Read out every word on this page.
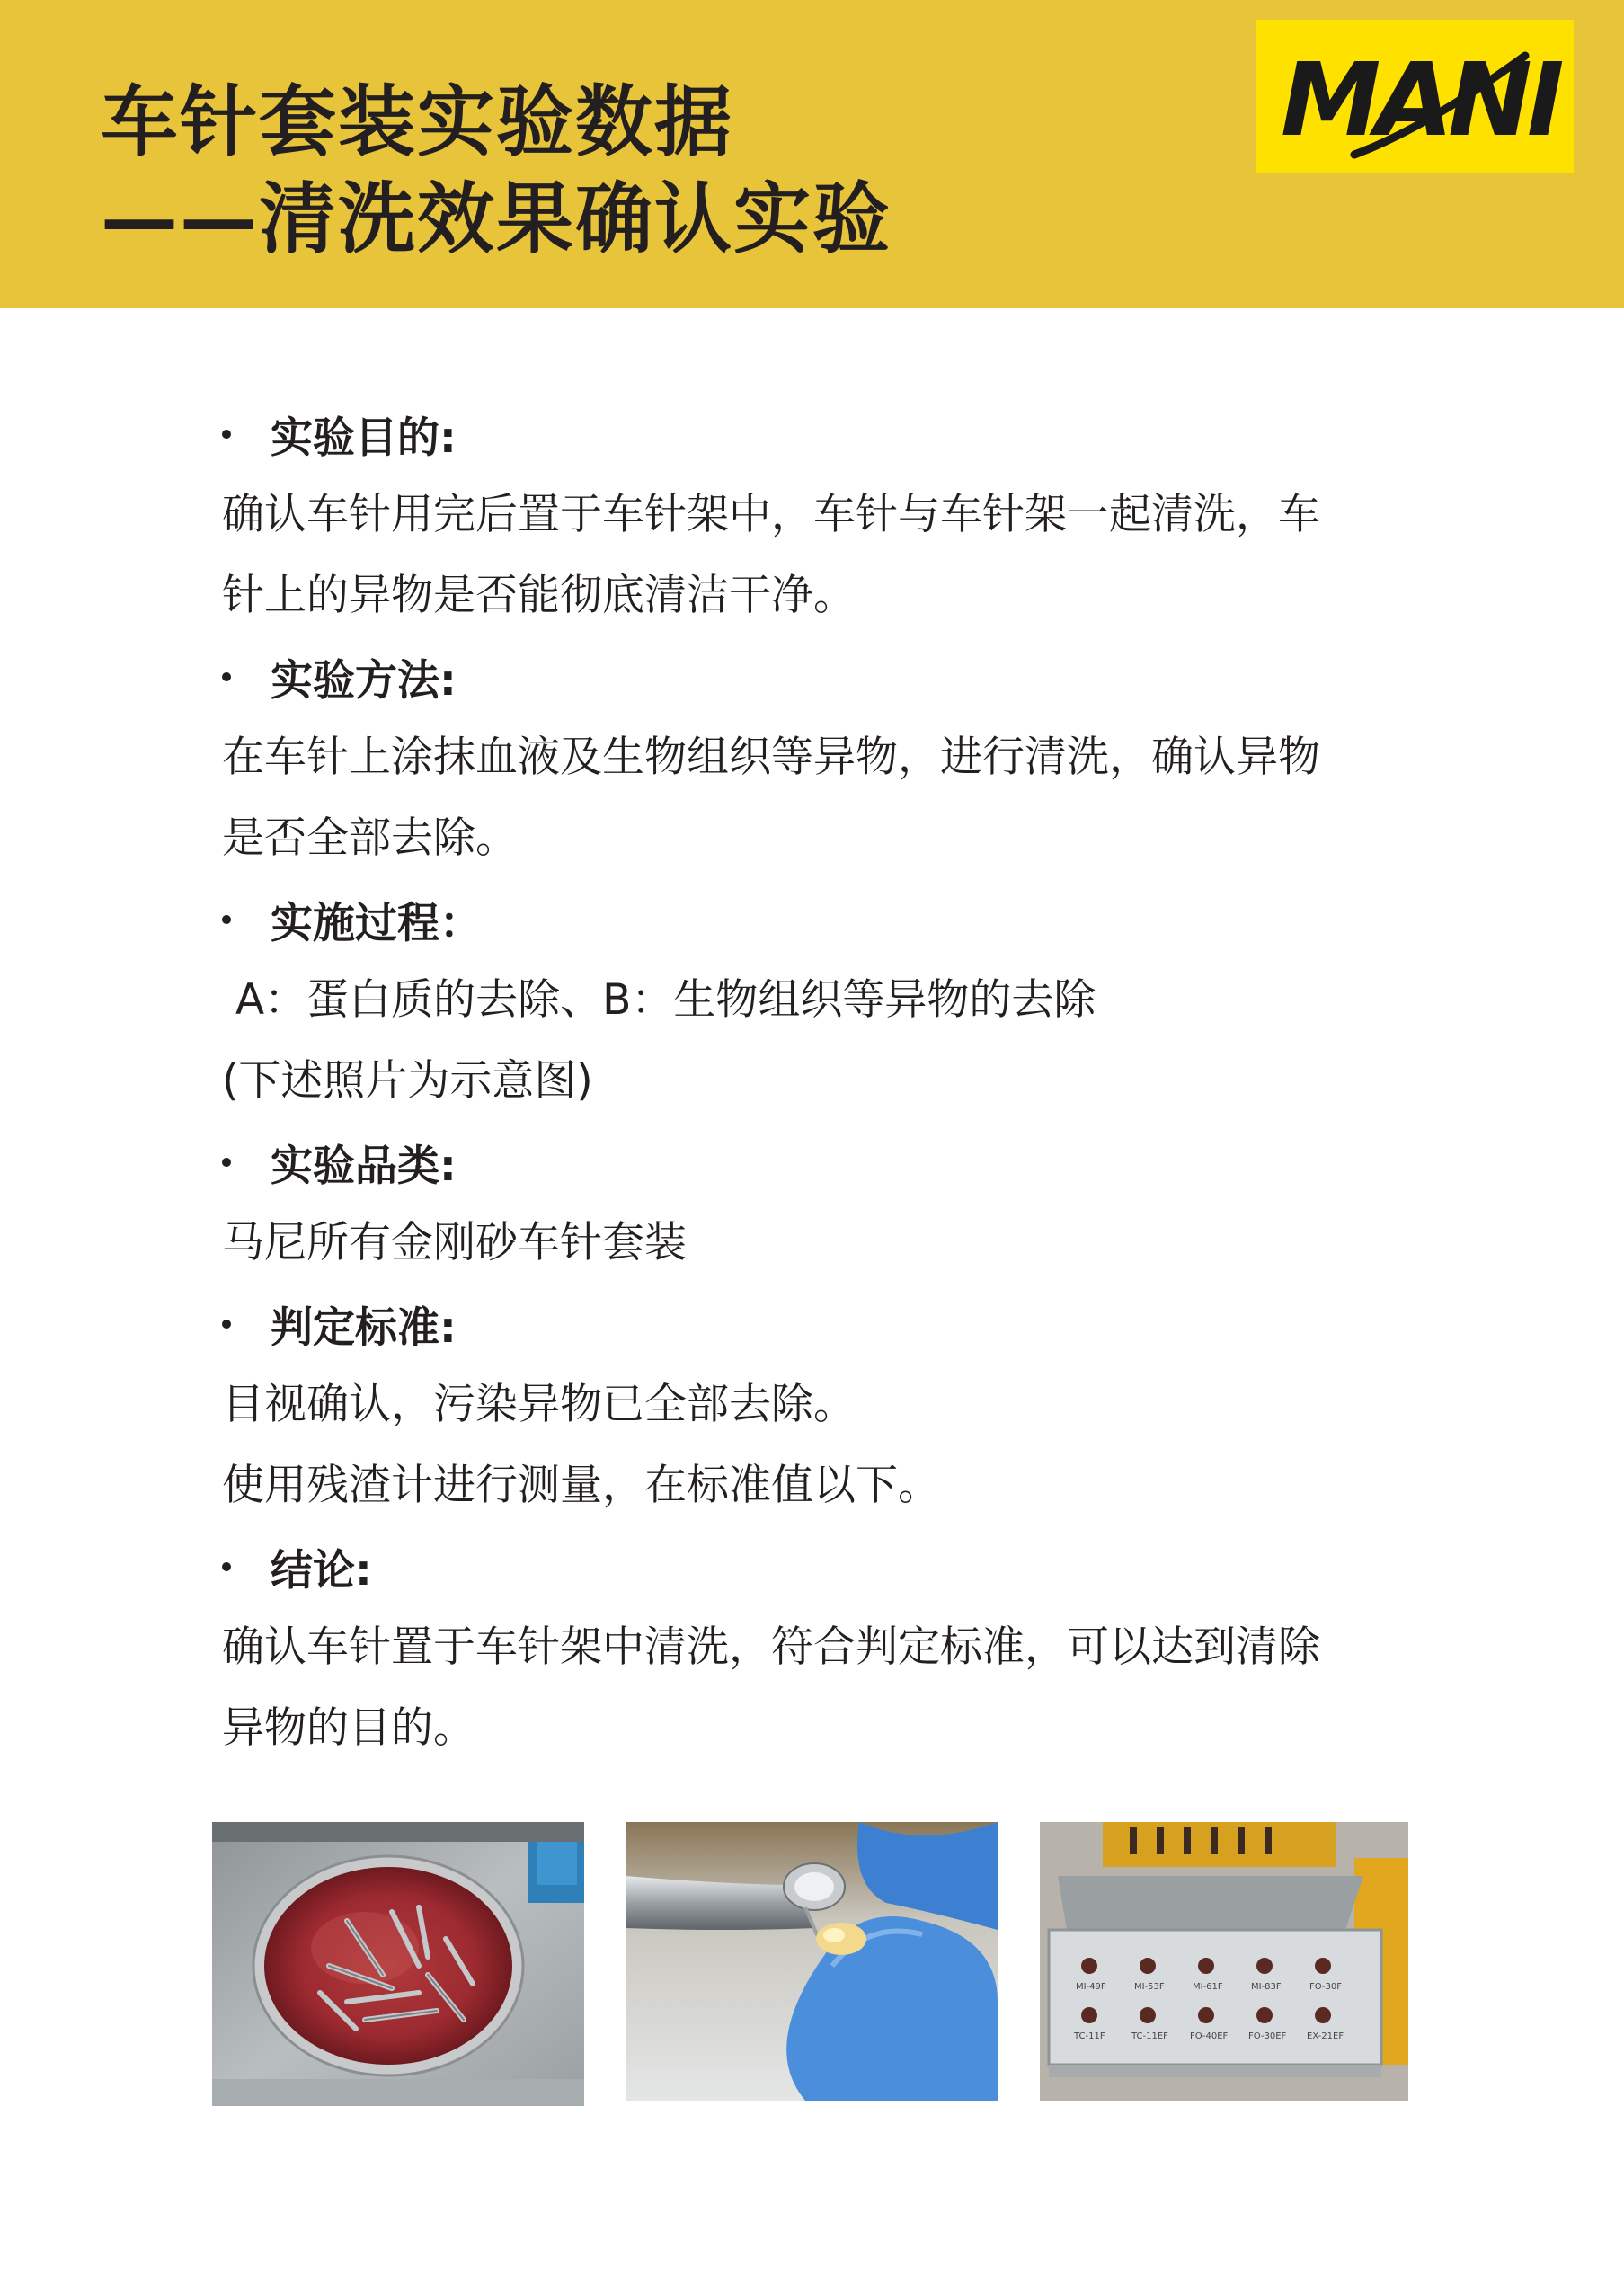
车针套装实验数据
——清洗效果确认实验
MANI
实验目的:
确认车针用完后置于车针架中，车针与车针架一起清洗，车
针上的异物是否能彻底清洁干净。
实验方法:
在车针上涂抹血液及生物组织等异物，进行清洗，确认异物
是否全部去除。
实施过程：
A：蛋白质的去除、B：生物组织等异物的去除
(下述照片为示意图)
实验品类:
马尼所有金刚砂车针套装
判定标准:
目视确认，污染异物已全部去除。
使用残渣计进行测量，在标准值以下。
结论:
确认车针置于车针架中清洗，符合判定标准，可以达到清除
异物的目的。
MI-49F	MI-53F	MI-61F	MI-83F	FO-30F
TC-11F	TC-11EF FO-40EF FO-30EF EX-21EF
